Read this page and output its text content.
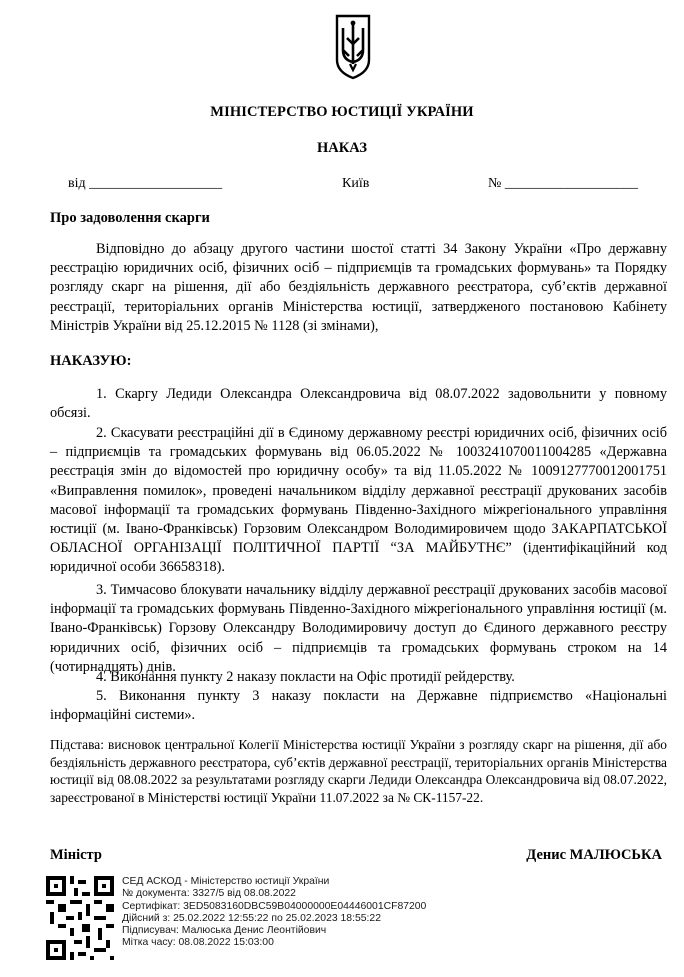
МІНІСТЕРСТВО ЮСТИЦІЇ УКРАЇНИ
НАКАЗ
від ___________________	Київ	№ ___________________
Про задоволення скарги
Відповідно до абзацу другого частини шостої статті 34 Закону України «Про державну реєстрацію юридичних осіб, фізичних осіб – підприємців та громадських формувань» та Порядку розгляду скарг на рішення, дії або бездіяльність державного реєстратора, суб’єктів державної реєстрації, територіальних органів Міністерства юстиції, затвердженого постановою Кабінету Міністрів України від 25.12.2015 № 1128 (зі змінами),
НАКАЗУЮ:
1. Скаргу Ледиди Олександра Олександровича від 08.07.2022 задовольнити у повному обсязі.
2. Скасувати реєстраційні дії в Єдиному державному реєстрі юридичних осіб, фізичних осіб – підприємців та громадських формувань від 06.05.2022 № 1003241070011004285 «Державна реєстрація змін до відомостей про юридичну особу» та від 11.05.2022 № 1009127770012001751 «Виправлення помилок», проведені начальником відділу державної реєстрації друкованих засобів масової інформації та громадських формувань Південно-Західного міжрегіонального управління юстиції (м. Івано-Франківськ) Горзовим Олександром Володимировичем щодо ЗАКАРПАТСЬКОЇ ОБЛАСНОЇ ОРГАНІЗАЦІЇ ПОЛІТИЧНОЇ ПАРТІЇ “ЗА МАЙБУТНЄ” (ідентифікаційний код юридичної особи 36658318).
3. Тимчасово блокувати начальнику відділу державної реєстрації друкованих засобів масової інформації та громадських формувань Південно-Західного міжрегіонального управління юстиції (м. Івано-Франківськ) Горзову Олександру Володимировичу доступ до Єдиного державного реєстру юридичних осіб, фізичних осіб – підприємців та громадських формувань строком на 14 (чотирнадцять) днів.
4. Виконання пункту 2 наказу покласти на Офіс протидії рейдерству.
5. Виконання пункту 3 наказу покласти на Державне підприємство «Національні інформаційні системи».
Підстава: висновок центральної Колегії Міністерства юстиції України з розгляду скарг на рішення, дії або бездіяльність державного реєстратора, суб’єктів державної реєстрації, територіальних органів Міністерства юстиції від 08.08.2022 за результатами розгляду скарги Ледиди Олександра Олександровича від 08.07.2022, зареєстрованої в Міністерстві юстиції України 11.07.2022 за № СК-1157-22.
Міністр	Денис МАЛЮСЬКА
СЕД АСКОД - Міністерство юстиції України
№ документа: 3327/5 від 08.08.2022
Сертифікат: 3ED5083160DBC59B04000000E04446001CF87200
Дійсний з: 25.02.2022 12:55:22 по 25.02.2023 18:55:22
Підписувач: Малюська Денис Леонтійович
Мітка часу: 08.08.2022 15:03:00
